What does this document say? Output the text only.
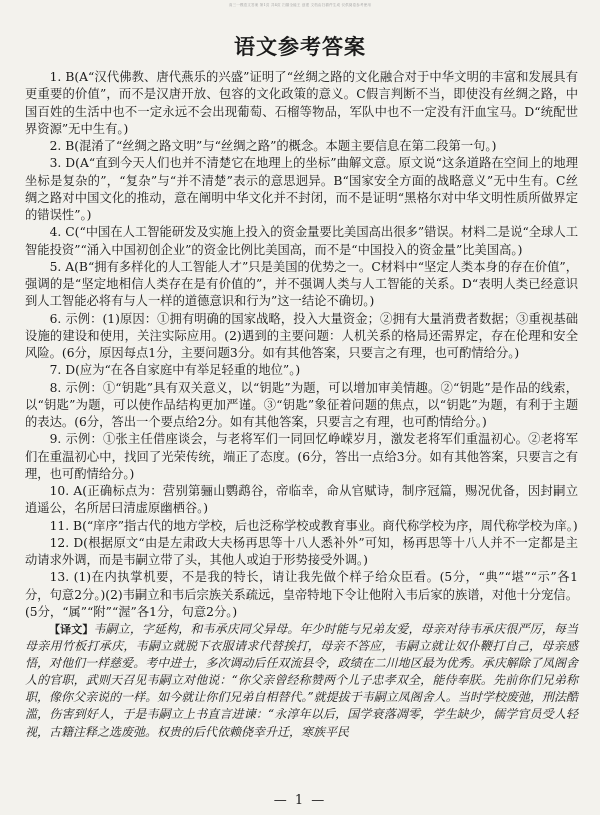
高三一模语文答案 第1页 共4页 扫描全能王 创建 文档由扫描件生成 仅供阅卷参考使用
语文参考答案

1. B(A“汉代佛教、唐代燕乐的兴盛”证明了“丝绸之路的文化融合对于中华文明的丰富和发展具有更重要的价值”，而不是汉唐开放、包容的文化政策的意义。C假言判断不当，即使没有丝绸之路，中国百姓的生活中也不一定永远不会出现葡萄、石榴等物品，军队中也不一定没有汗血宝马。D“统配世界资源”无中生有。)

2. B(混淆了“丝绸之路文明”与“丝绸之路”的概念。本题主要信息在第二段第一句。)

3. D(A“直到今天人们也并不清楚它在地理上的坐标”曲解文意。原文说“这条道路在空间上的地理坐标是复杂的”，“复杂”与“并不清楚”表示的意思迥异。B“国家安全方面的战略意义”无中生有。C丝绸之路对中国文化的推动，意在阐明中华文化并不封闭，而不是证明“黑格尔对中华文明性质所做界定的错误性”。)

4. C(“中国在人工智能研发及实施上投入的资金量要比美国高出很多”错误。材料二是说“全球人工智能投资”“涌入中国初创企业”的资金比例比美国高，而不是“中国投入的资金量”比美国高。)

5. A(B“拥有多样化的人工智能人才”只是美国的优势之一。C材料中“坚定人类本身的存在价值”，强调的是“坚定地相信人类存在是有价值的”，并不强调人类与人工智能的关系。D“表明人类已经意识到人工智能必将有与人一样的道德意识和行为”这一结论不确切。)

6. 示例：(1)原因：①拥有明确的国家战略，投入大量资金；②拥有大量消费者数据；③重视基础设施的建设和使用，关注实际应用。(2)遇到的主要问题：人机关系的格局还需界定，存在伦理和安全风险。(6分，原因每点1分，主要问题3分。如有其他答案，只要言之有理，也可酌情给分。)

7. D(应为“在各自家庭中有举足轻重的地位”。)

8. 示例：①“钥匙”具有双关意义，以“钥匙”为题，可以增加审美情趣。②“钥匙”是作品的线索，以“钥匙”为题，可以使作品结构更加严谨。③“钥匙”象征着问题的焦点，以“钥匙”为题，有利于主题的表达。(6分，答出一个要点给2分。如有其他答案，只要言之有理，也可酌情给分。)

9. 示例：①张主任借座谈会，与老将军们一同回忆峥嵘岁月，激发老将军们重温初心。②老将军们在重温初心中，找回了光荣传统，端正了态度。(6分，答出一点给3分。如有其他答案，只要言之有理，也可酌情给分。)

10. A(正确标点为：营别第骊山鹦鹉谷，帝临幸，命从官赋诗，制序冠篇，赐况优备，因封嗣立逍遥公，名所居曰清虚原幽栖谷。)

11. B(“庠序”指古代的地方学校，后也泛称学校或教育事业。商代称学校为序，周代称学校为庠。)

12. D(根据原文“由是左肃政大夫杨再思等十八人悉补外”可知，杨再思等十八人并不一定都是主动请求外调，而是韦嗣立带了头，其他人或迫于形势接受外调。)

13. (1)在内执掌机要，不是我的特长，请让我先做个样子给众臣看。(5分，“典”“堪”“示”各1分，句意2分。)(2)韦嗣立和韦后宗族关系疏远，皇帝特地下令让他附入韦后家的族谱，对他十分宠信。(5分，“属”“附”“渥”各1分，句意2分。)

【译文】韦嗣立，字延构，和韦承庆同父异母。年少时能与兄弟友爱，母亲对待韦承庆很严厉，每当母亲用竹板打承庆，韦嗣立就脱下衣服请求代替挨打，母亲不答应，韦嗣立就让奴仆鞭打自己，母亲感悟，对他们一样慈爱。考中进士，多次调动后任双流县令，政绩在二川地区最为优秀。承庆解除了凤阁舍人的官职，武则天召见韦嗣立对他说：“你父亲曾经称赞两个儿子忠孝双全，能侍奉朕。先前你们兄弟称职，像你父亲说的一样。如今就让你们兄弟自相替代。”就提拔于韦嗣立凤阁舍人。当时学校废弛，刑法酷滥，伤害到好人，于是韦嗣立上书直言进谏：“永淳年以后，国学衰落凋零，学生缺少，儒学官员受人轻视，古籍注释之选废弛。权贵的后代依赖侥幸升迁，寒族平民

— 1 —
